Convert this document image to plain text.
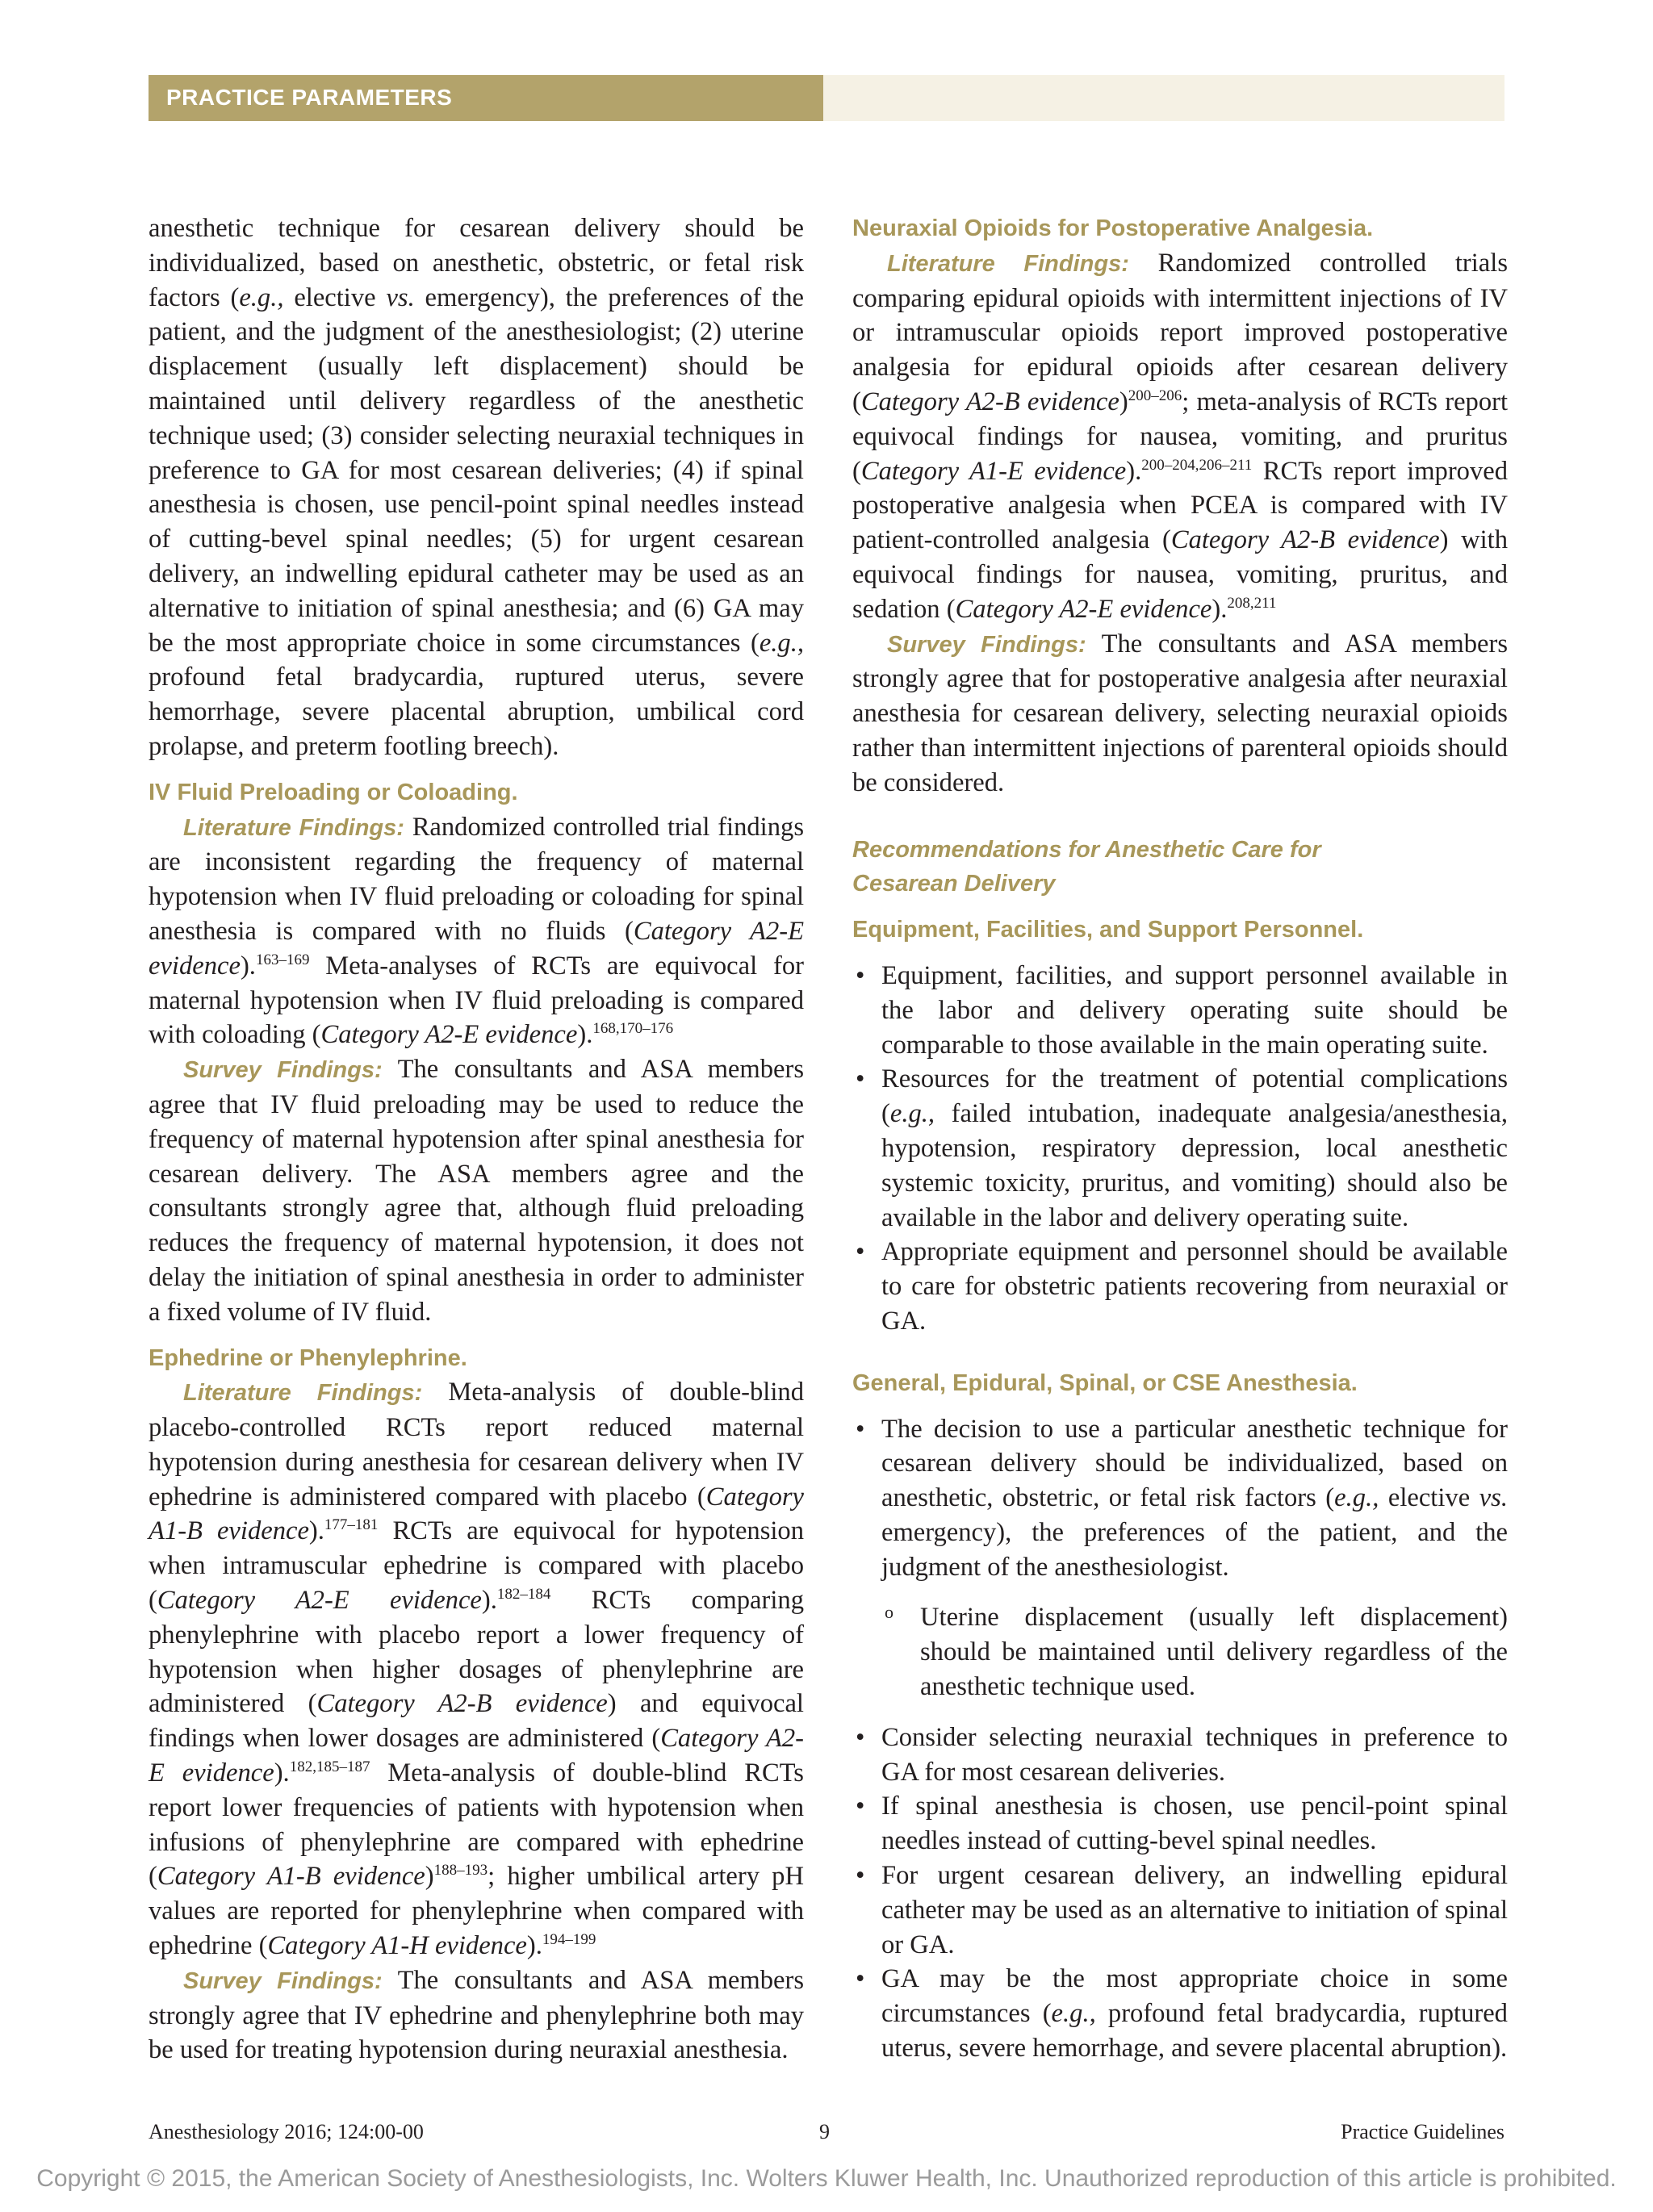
PRACTICE PARAMETERS

anesthetic technique for cesarean delivery should be individualized, based on anesthetic, obstetric, or fetal risk factors (e.g., elective vs. emergency), the preferences of the patient, and the judgment of the anesthesiologist; (2) uterine displacement (usually left displacement) should be maintained until delivery regardless of the anesthetic technique used; (3) consider selecting neuraxial techniques in preference to GA for most cesarean deliveries; (4) if spinal anesthesia is chosen, use pencil-point spinal needles instead of cutting-bevel spinal needles; (5) for urgent cesarean delivery, an indwelling epidural catheter may be used as an alternative to initiation of spinal anesthesia; and (6) GA may be the most appropriate choice in some circumstances (e.g., profound fetal bradycardia, ruptured uterus, severe hemorrhage, severe placental abruption, umbilical cord prolapse, and preterm footling breech).

IV Fluid Preloading or Coloading.

Literature Findings: Randomized controlled trial findings are inconsistent regarding the frequency of maternal hypotension when IV fluid preloading or coloading for spinal anesthesia is compared with no fluids (Category A2-E evidence).$^{163-169}$ Meta-analyses of RCTs are equivocal for maternal hypotension when IV fluid preloading is compared with coloading (Category A2-E evidence).$^{168,170-176}$

Survey Findings: The consultants and ASA members agree that IV fluid preloading may be used to reduce the frequency of maternal hypotension after spinal anesthesia for cesarean delivery. The ASA members agree and the consultants strongly agree that, although fluid preloading reduces the frequency of maternal hypotension, it does not delay the initiation of spinal anesthesia in order to administer a fixed volume of IV fluid.

Ephedrine or Phenylephrine.

Literature Findings: Meta-analysis of double-blind placebo-controlled RCTs report reduced maternal hypotension during anesthesia for cesarean delivery when IV ephedrine is administered compared with placebo (Category A1-B evidence).$^{177-181}$ RCTs are equivocal for hypotension when intramuscular ephedrine is compared with placebo (Category A2-E evidence).$^{182-184}$ RCTs comparing phenylephrine with placebo report a lower frequency of hypotension when higher dosages of phenylephrine are administered (Category A2-B evidence) and equivocal findings when lower dosages are administered (Category A2-E evidence).$^{182,185-187}$ Meta-analysis of double-blind RCTs report lower frequencies of patients with hypotension when infusions of phenylephrine are compared with ephedrine (Category A1-B evidence)$^{188-193}$; higher umbilical artery pH values are reported for phenylephrine when compared with ephedrine (Category A1-H evidence).$^{194-199}$

Survey Findings: The consultants and ASA members strongly agree that IV ephedrine and phenylephrine both may be used for treating hypotension during neuraxial anesthesia.

Neuraxial Opioids for Postoperative Analgesia.

Literature Findings: Randomized controlled trials comparing epidural opioids with intermittent injections of IV or intramuscular opioids report improved postoperative analgesia for epidural opioids after cesarean delivery (Category A2-B evidence)$^{200-206}$; meta-analysis of RCTs report equivocal findings for nausea, vomiting, and pruritus (Category A1-E evidence).$^{200-204,206-211}$ RCTs report improved postoperative analgesia when PCEA is compared with IV patient-controlled analgesia (Category A2-B evidence) with equivocal findings for nausea, vomiting, pruritus, and sedation (Category A2-E evidence).$^{208,211}$

Survey Findings: The consultants and ASA members strongly agree that for postoperative analgesia after neuraxial anesthesia for cesarean delivery, selecting neuraxial opioids rather than intermittent injections of parenteral opioids should be considered.

Recommendations for Anesthetic Care for
Cesarean Delivery

Equipment, Facilities, and Support Personnel.

• Equipment, facilities, and support personnel available in the labor and delivery operating suite should be comparable to those available in the main operating suite.
• Resources for the treatment of potential complications (e.g., failed intubation, inadequate analgesia/anesthesia, hypotension, respiratory depression, local anesthetic systemic toxicity, pruritus, and vomiting) should also be available in the labor and delivery operating suite.
• Appropriate equipment and personnel should be available to care for obstetric patients recovering from neuraxial or GA.

General, Epidural, Spinal, or CSE Anesthesia.

• The decision to use a particular anesthetic technique for cesarean delivery should be individualized, based on anesthetic, obstetric, or fetal risk factors (e.g., elective vs. emergency), the preferences of the patient, and the judgment of the anesthesiologist.
o Uterine displacement (usually left displacement) should be maintained until delivery regardless of the anesthetic technique used.
• Consider selecting neuraxial techniques in preference to GA for most cesarean deliveries.
• If spinal anesthesia is chosen, use pencil-point spinal needles instead of cutting-bevel spinal needles.
• For urgent cesarean delivery, an indwelling epidural catheter may be used as an alternative to initiation of spinal or GA.
• GA may be the most appropriate choice in some circumstances (e.g., profound fetal bradycardia, ruptured uterus, severe hemorrhage, and severe placental abruption).
Anesthesiology 2016; 124:00-00	9	Practice Guidelines
Copyright © 2015, the American Society of Anesthesiologists, Inc. Wolters Kluwer Health, Inc. Unauthorized reproduction of this article is prohibited.
